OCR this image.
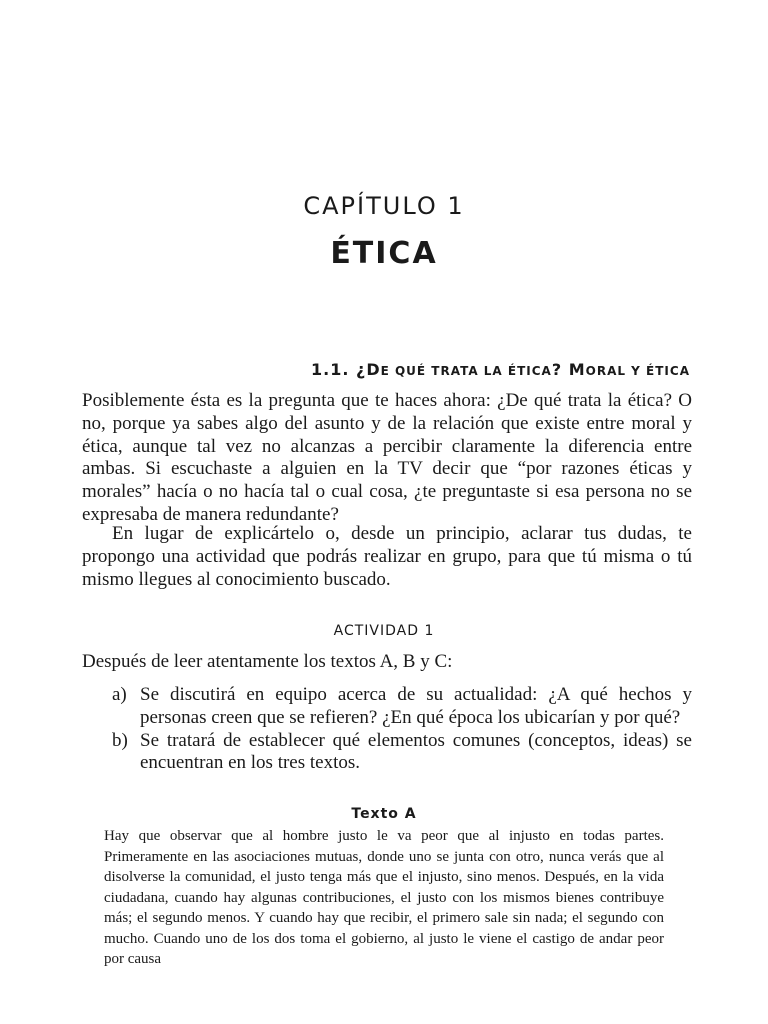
CAPÍTULO 1
ÉTICA
1.1. ¿DE QUÉ TRATA LA ÉTICA? MORAL Y ÉTICA

Posiblemente ésta es la pregunta que te haces ahora: ¿De qué trata la ética? O no, porque ya sabes algo del asunto y de la relación que existe entre moral y ética, aunque tal vez no alcanzas a percibir claramente la diferencia entre ambas. Si escuchaste a alguien en la TV decir que “por razones éticas y morales” hacía o no hacía tal o cual cosa, ¿te preguntaste si esa persona no se expresaba de manera redundante?

En lugar de explicártelo o, desde un principio, aclarar tus dudas, te propongo una actividad que podrás realizar en grupo, para que tú misma o tú mismo llegues al conocimiento buscado.

ACTIVIDAD 1

Después de leer atentamente los textos A, B y C:

a) Se discutirá en equipo acerca de su actualidad: ¿A qué hechos y personas creen que se refieren? ¿En qué época los ubicarían y por qué?
b) Se tratará de establecer qué elementos comunes (conceptos, ideas) se encuentran en los tres textos.
Texto A

Hay que observar que al hombre justo le va peor que al injusto en todas partes. Primeramente en las asociaciones mutuas, donde uno se junta con otro, nunca verás que al disolverse la comunidad, el justo tenga más que el injusto, sino menos. Después, en la vida ciudadana, cuando hay algunas contribuciones, el justo con los mismos bienes contribuye más; el segundo menos. Y cuando hay que recibir, el primero sale sin nada; el segundo con mucho. Cuando uno de los dos toma el gobierno, al justo le viene el castigo de andar peor por causa
